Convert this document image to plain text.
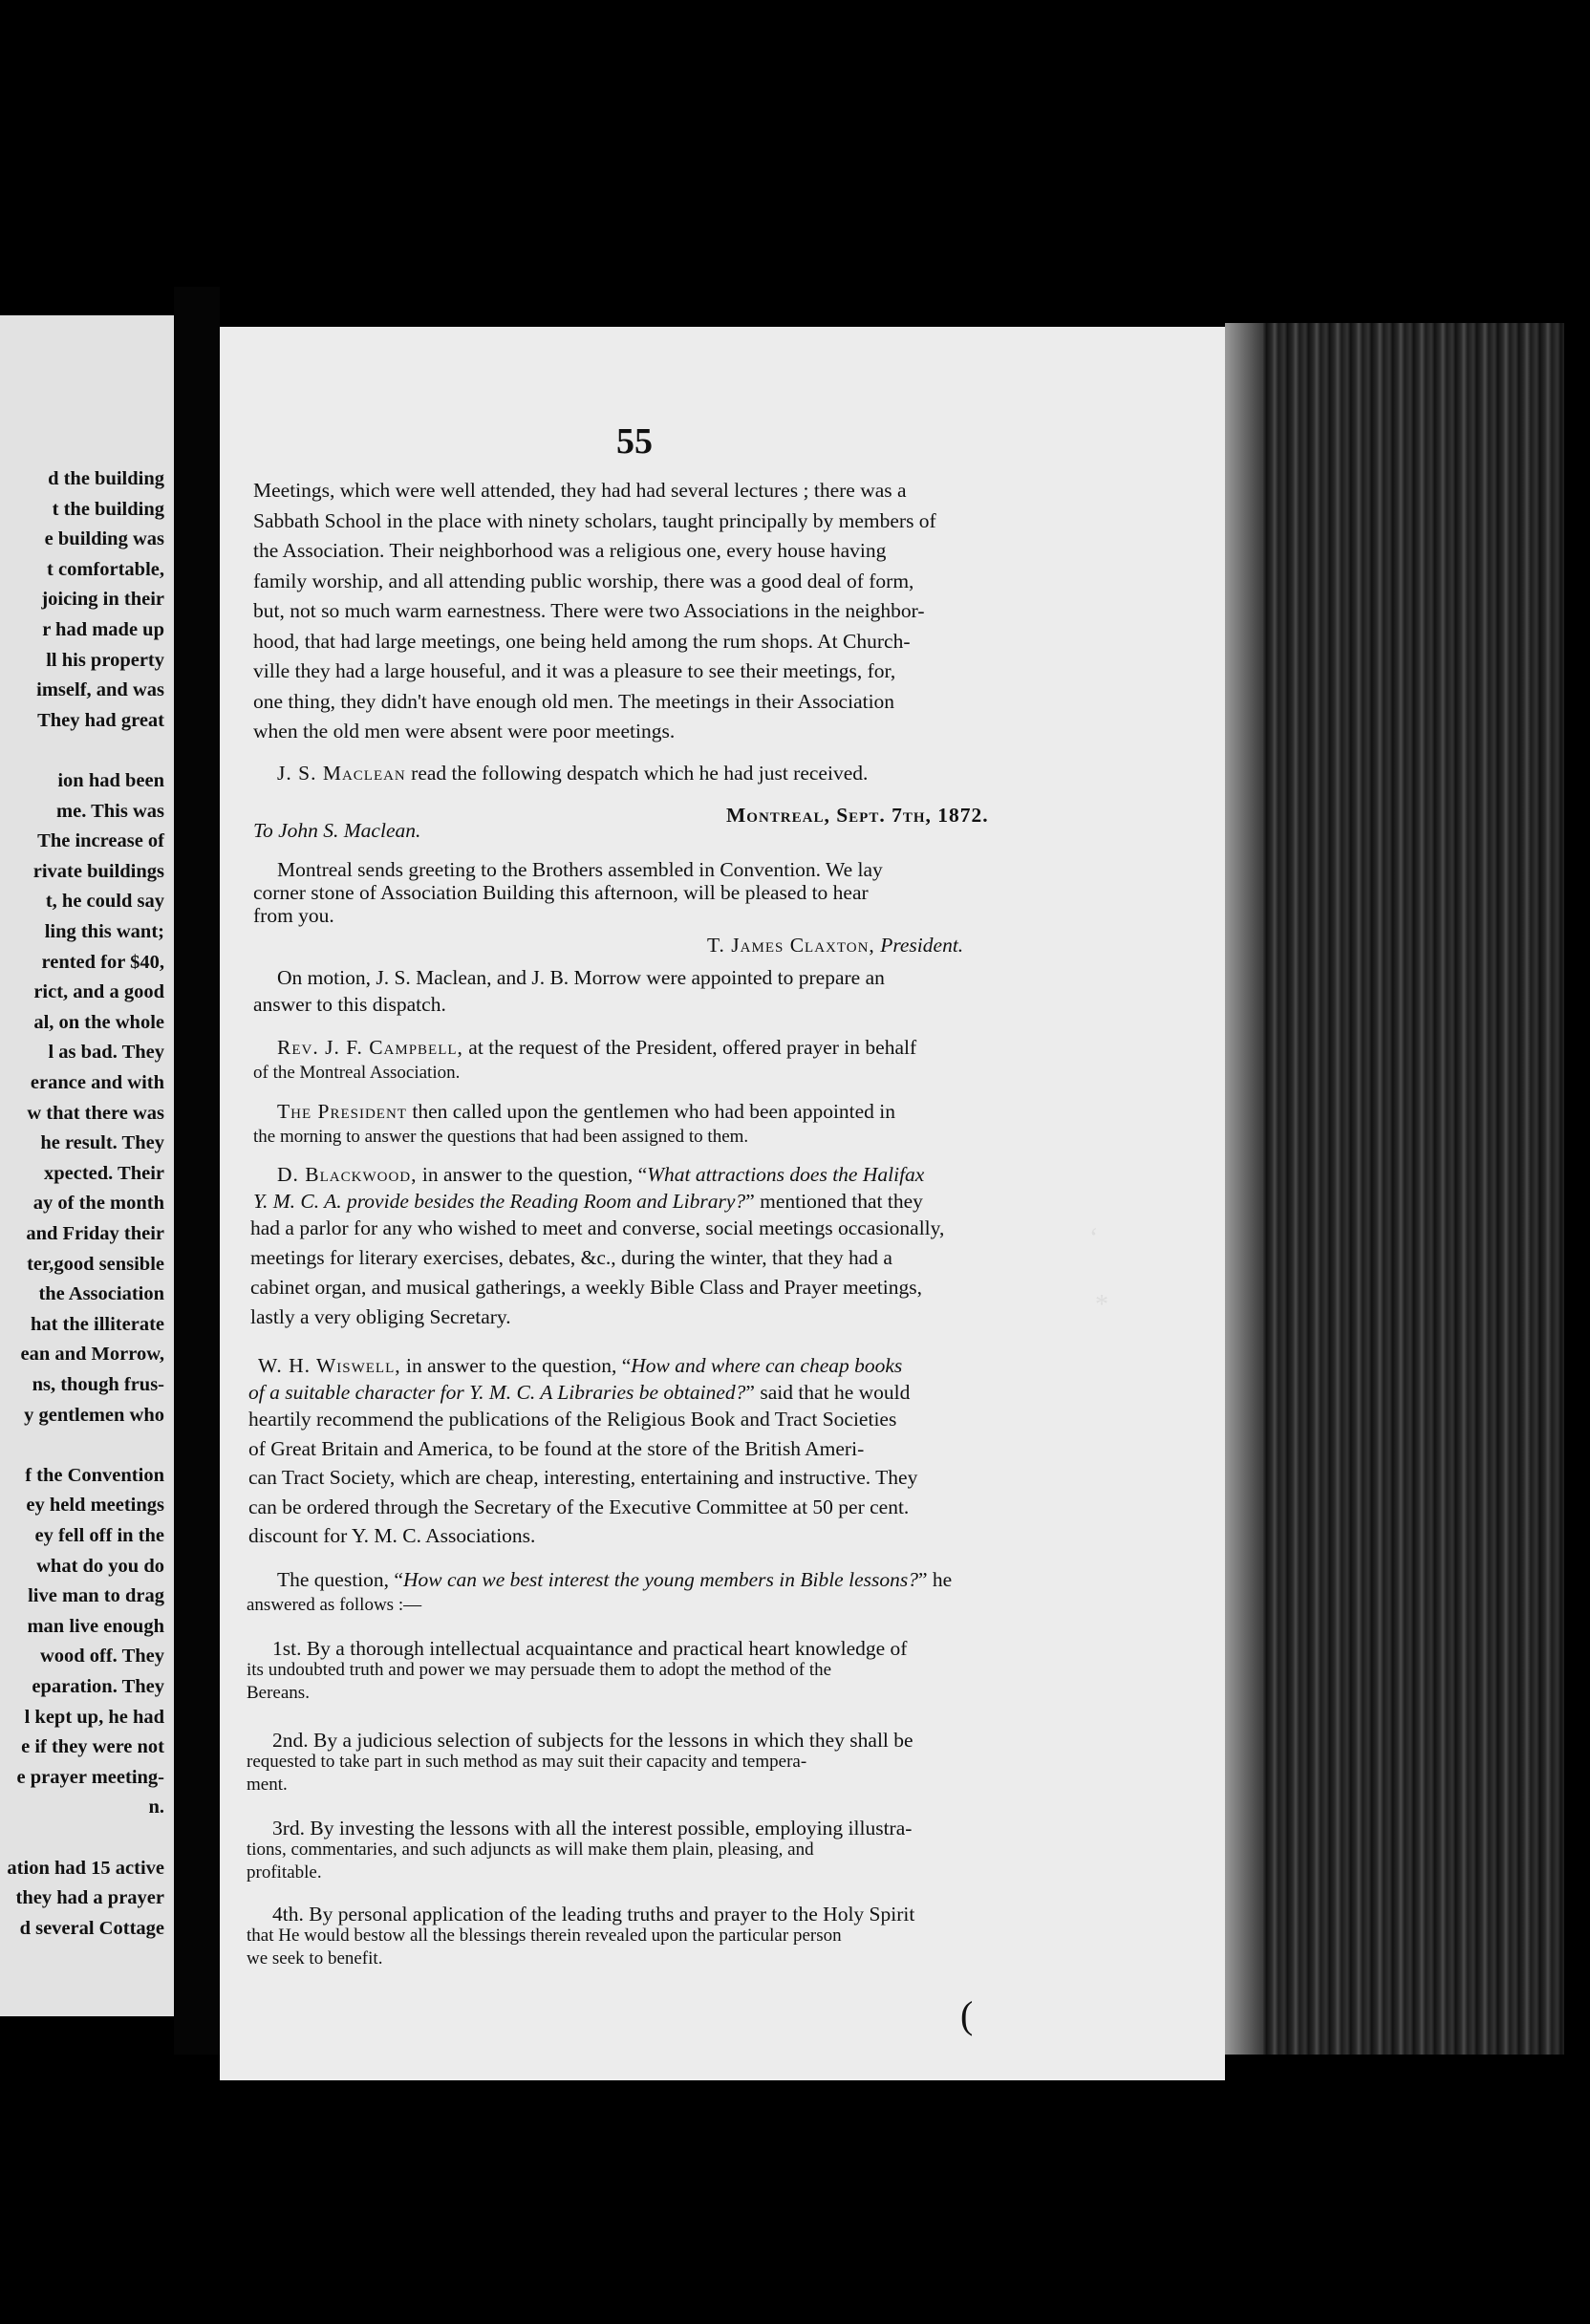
d the building
t the building
e building was
t comfortable,
joicing in their
r had made up
ll his property
imself, and was
They had great
ion had been
me. This was
The increase of
rivate buildings
t, he could say
ling this want;
rented for $40,
rict, and a good
al, on the whole
l as bad. They
erance and with
w that there was
he result. They
xpected. Their
ay of the month
and Friday their
ter,good sensible
the Association
hat the illiterate
ean and Morrow,
ns, though frus-
y gentlemen who
f the Convention
ey held meetings
ey fell off in the
what do you do
live man to drag
man live enough
wood off. They
eparation. They
l kept up, he had
e if they were not
e prayer meeting-
n.
ation had 15 active
they had a prayer
d several Cottage
55
Meetings, which were well attended, they had had several lectures ; there was a
Sabbath School in the place with ninety scholars, taught principally by members of
the Association. Their neighborhood was a religious one, every house having
family worship, and all attending public worship, there was a good deal of form,
but, not so much warm earnestness. There were two Associations in the neighbor-
hood, that had large meetings, one being held among the rum shops. At Church-
ville they had a large houseful, and it was a pleasure to see their meetings, for,
one thing, they didn't have enough old men. The meetings in their Association
when the old men were absent were poor meetings.
J. S. Maclean read the following despatch which he had just received.
Montreal, Sept. 7th, 1872.
To John S. Maclean.
Montreal sends greeting to the Brothers assembled in Convention. We lay
corner stone of Association Building this afternoon, will be pleased to hear
from you.
T. James Claxton, President.
On motion, J. S. Maclean, and J. B. Morrow were appointed to prepare an
answer to this dispatch.
Rev. J. F. Campbell, at the request of the President, offered prayer in behalf
of the Montreal Association.
The President then called upon the gentlemen who had been appointed in
the morning to answer the questions that had been assigned to them.
D. Blackwood, in answer to the question, “What attractions does the Halifax
Y. M. C. A. provide besides the Reading Room and Library?” mentioned that they
had a parlor for any who wished to meet and converse, social meetings occasionally,
meetings for literary exercises, debates, &c., during the winter, that they had a
cabinet organ, and musical gatherings, a weekly Bible Class and Prayer meetings,
lastly a very obliging Secretary.
W. H. Wiswell, in answer to the question, “How and where can cheap books
of a suitable character for Y. M. C. A Libraries be obtained?” said that he would
heartily recommend the publications of the Religious Book and Tract Societies
of Great Britain and America, to be found at the store of the British Ameri-
can Tract Society, which are cheap, interesting, entertaining and instructive. They
can be ordered through the Secretary of the Executive Committee at 50 per cent.
discount for Y. M. C. Associations.
The question, “How can we best interest the young members in Bible lessons?” he
answered as follows :—
1st. By a thorough intellectual acquaintance and practical heart knowledge of
its undoubted truth and power we may persuade them to adopt the method of the
Bereans.
2nd. By a judicious selection of subjects for the lessons in which they shall be
requested to take part in such method as may suit their capacity and tempera-
ment.
3rd. By investing the lessons with all the interest possible, employing illustra-
tions, commentaries, and such adjuncts as will make them plain, pleasing, and
profitable.
4th. By personal application of the leading truths and prayer to the Holy Spirit
that He would bestow all the blessings therein revealed upon the particular person
we seek to benefit.
‘
*
(
